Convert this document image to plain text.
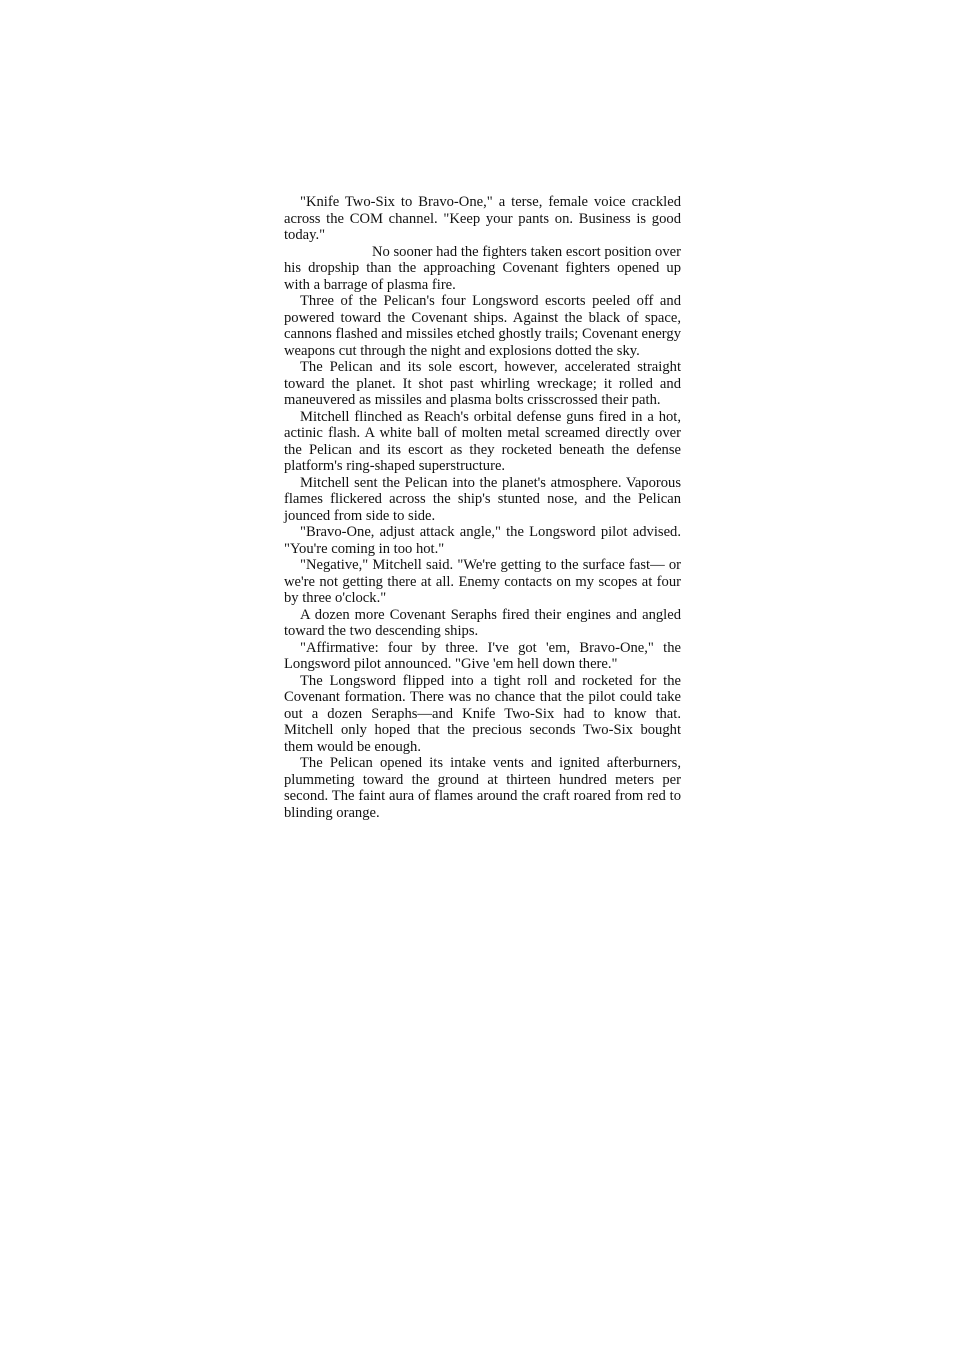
"Knife Two-Six to Bravo-One," a terse, female voice crackled across the COM channel. "Keep your pants on. Business is good today."

No sooner had the fighters taken escort position over his dropship than the approaching Covenant fighters opened up with a barrage of plasma fire.

Three of the Pelican's four Longsword escorts peeled off and powered toward the Covenant ships. Against the black of space, cannons flashed and missiles etched ghostly trails; Covenant energy weapons cut through the night and explosions dotted the sky.

The Pelican and its sole escort, however, accelerated straight toward the planet. It shot past whirling wreckage; it rolled and maneuvered as missiles and plasma bolts crisscrossed their path.

Mitchell flinched as Reach's orbital defense guns fired in a hot, actinic flash. A white ball of molten metal screamed directly over the Pelican and its escort as they rocketed beneath the defense platform's ring-shaped superstructure.

Mitchell sent the Pelican into the planet's atmosphere. Vaporous flames flickered across the ship's stunted nose, and the Pelican jounced from side to side.

"Bravo-One, adjust attack angle," the Longsword pilot advised. "You're coming in too hot."

"Negative," Mitchell said. "We're getting to the surface fast— or we're not getting there at all. Enemy contacts on my scopes at four by three o'clock."

A dozen more Covenant Seraphs fired their engines and angled toward the two descending ships.

"Affirmative: four by three. I've got 'em, Bravo-One," the Longsword pilot announced. "Give 'em hell down there."

The Longsword flipped into a tight roll and rocketed for the Covenant formation. There was no chance that the pilot could take out a dozen Seraphs—and Knife Two-Six had to know that. Mitchell only hoped that the precious seconds Two-Six bought them would be enough.

The Pelican opened its intake vents and ignited afterburners, plummeting toward the ground at thirteen hundred meters per second. The faint aura of flames around the craft roared from red to blinding orange.
